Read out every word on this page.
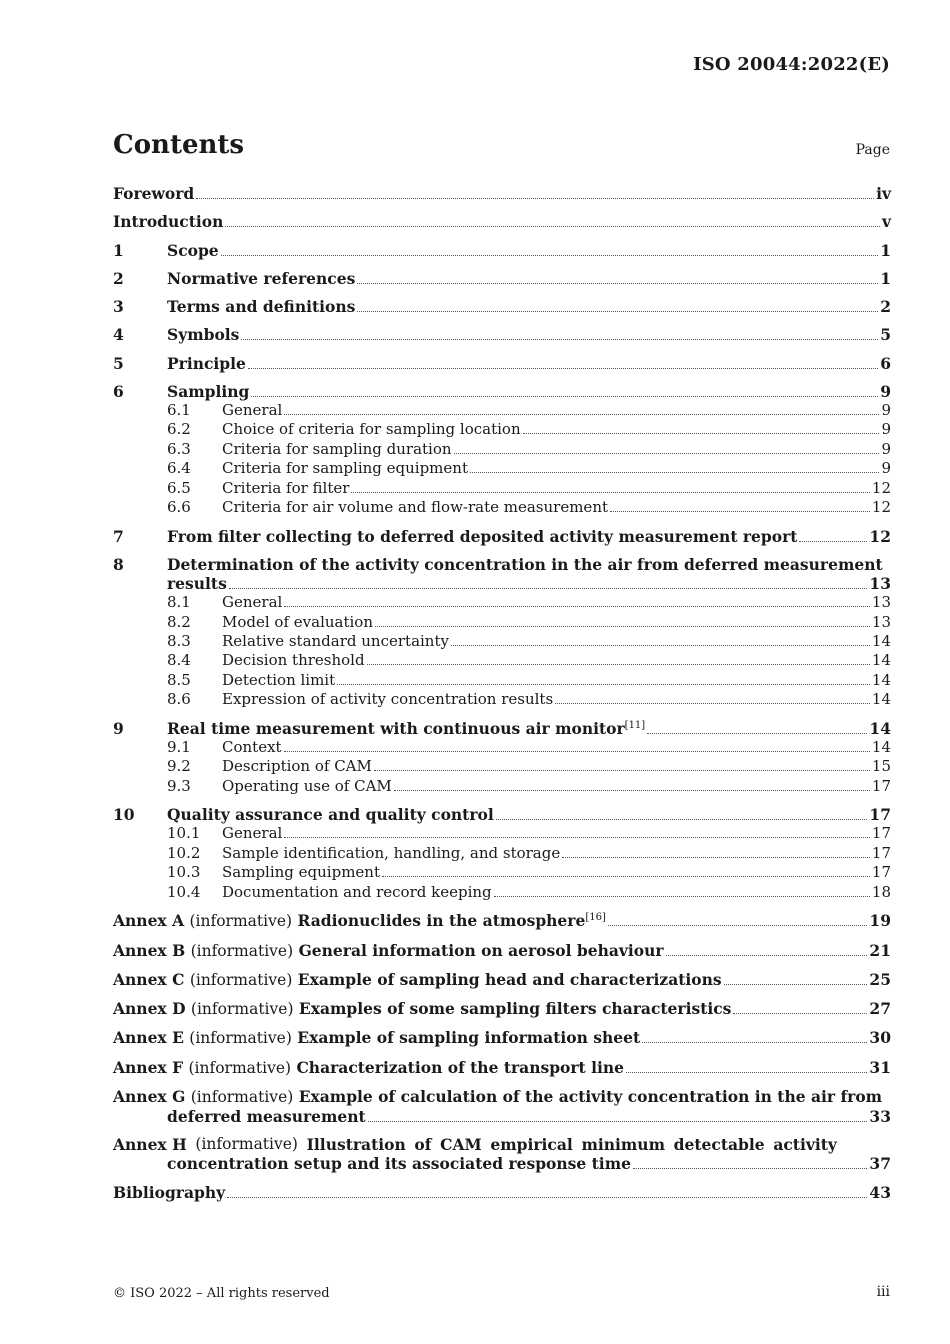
ISO 20044:2022(E)
Contents	Page
Foreword	iv
Introduction	v
1	Scope	1
2	Normative references	1
3	Terms and definitions	2
4	Symbols	5
5	Principle	6
6	Sampling	9
6.1	General	9
6.2	Choice of criteria for sampling location	9
6.3	Criteria for sampling duration	9
6.4	Criteria for sampling equipment	9
6.5	Criteria for filter	12
6.6	Criteria for air volume and flow-rate measurement	12
7	From filter collecting to deferred deposited activity measurement report	12
8	Determination of the activity concentration in the air from deferred measurement
results	13
8.1	General	13
8.2	Model of evaluation	13
8.3	Relative standard uncertainty	14
8.4	Decision threshold	14
8.5	Detection limit	14
8.6	Expression of activity concentration results	14
9	Real time measurement with continuous air monitor[11]	14
9.1	Context	14
9.2	Description of CAM	15
9.3	Operating use of CAM	17
10	Quality assurance and quality control	17
10.1	General	17
10.2	Sample identification, handling, and storage	17
10.3	Sampling equipment	17
10.4	Documentation and record keeping	18
Annex A (informative) Radionuclides in the atmosphere[16]	19
Annex B (informative) General information on aerosol behaviour	21
Annex C (informative) Example of sampling head and characterizations	25
Annex D (informative) Examples of some sampling filters characteristics	27
Annex E (informative) Example of sampling information sheet	30
Annex F (informative) Characterization of the transport line	31
Annex G (informative) Example of calculation of the activity concentration in the air from
deferred measurement	33
Annex H (informative) Illustration of CAM empirical minimum detectable activity
concentration setup and its associated response time	37
Bibliography	43
© ISO 2022 – All rights reserved	iii
